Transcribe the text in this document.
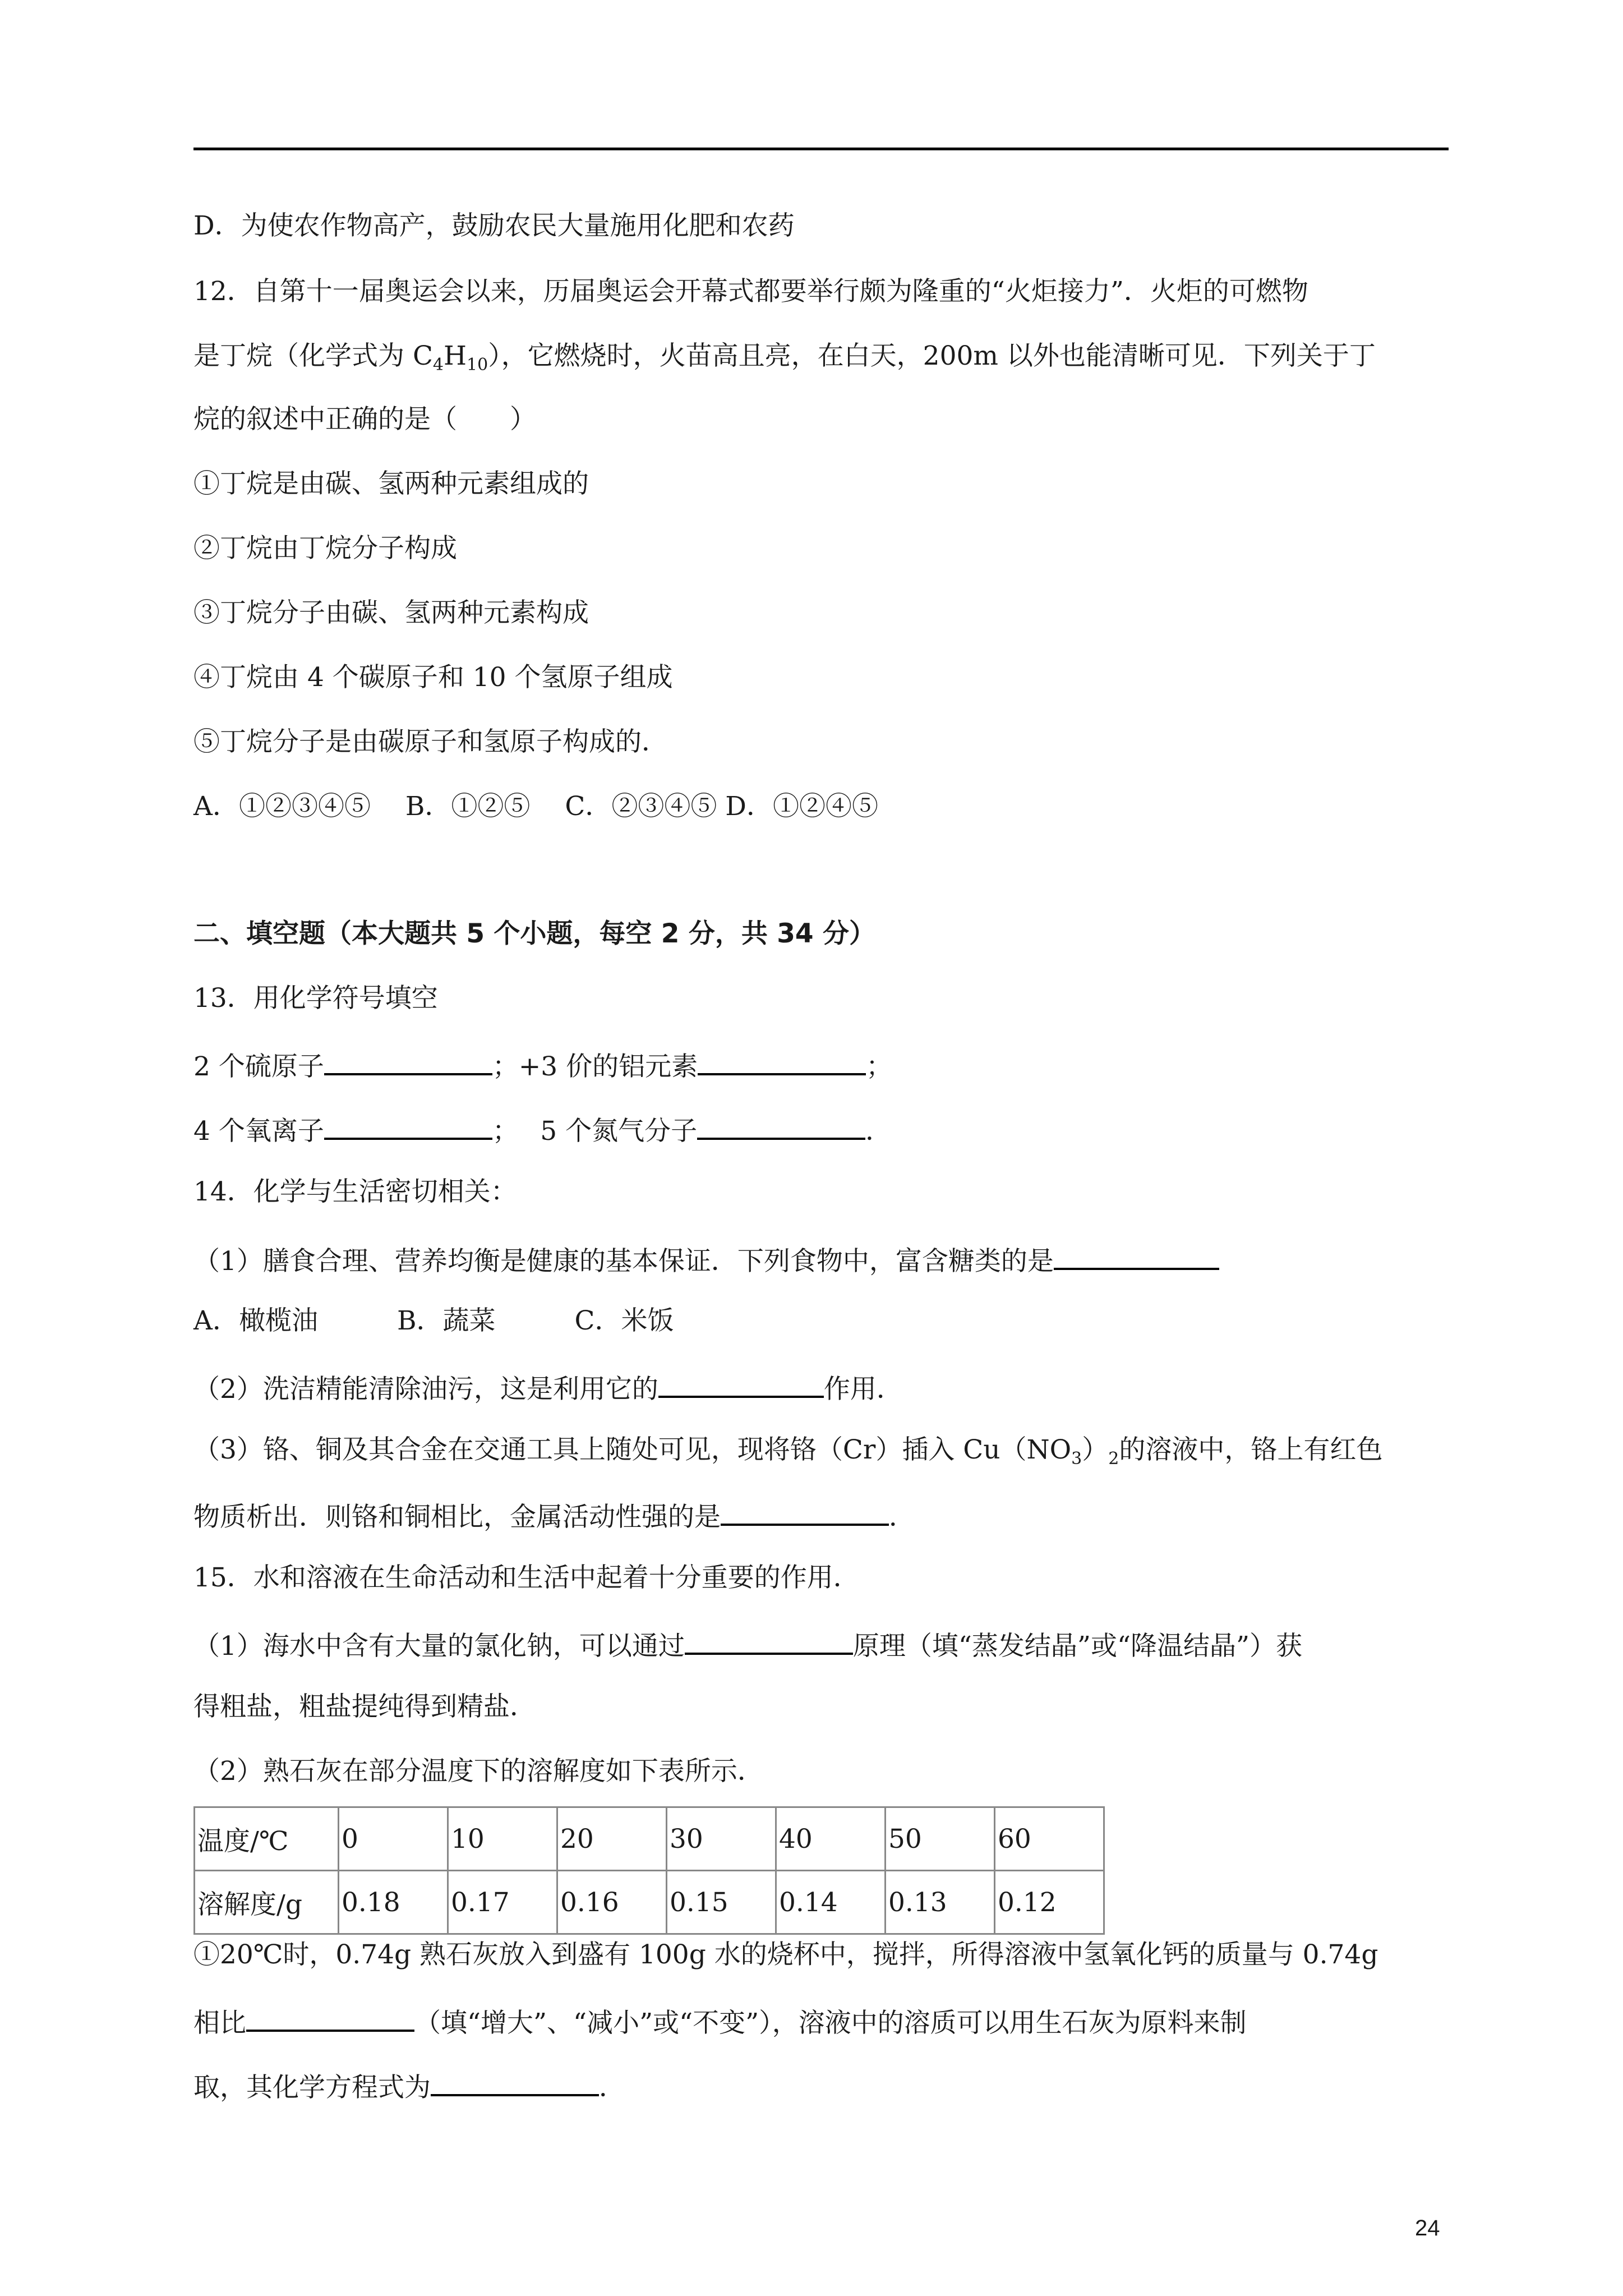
D．为使农作物高产，鼓励农民大量施用化肥和农药
12．自第十一届奥运会以来，历届奥运会开幕式都要举行颇为隆重的“火炬接力”．火炬的可燃物
是丁烷（化学式为 $C_4H_{10}$），它燃烧时，火苗高且亮，在白天，200m 以外也能清晰可见．下列关于丁
烷的叙述中正确的是（　　）
①丁烷是由碳、氢两种元素组成的
②丁烷由丁烷分子构成
③丁烷分子由碳、氢两种元素构成
④丁烷由 4 个碳原子和 10 个氢原子组成
⑤丁烷分子是由碳原子和氢原子构成的．
A．①②③④⑤　 B．①②⑤　 C．②③④⑤ D．①②④⑤
二、填空题（本大题共 5 个小题，每空 2 分，共 34 分）
13．用化学符号填空
2 个硫原子	；+3 价的铝元素	；
4 个氧离子	；　 5 个氮气分子	．
14．化学与生活密切相关：
（1）膳食合理、营养均衡是健康的基本保证．下列食物中，富含糖类的是
A．橄榄油　　　B．蔬菜　　　C．米饭
（2）洗洁精能清除油污，这是利用它的	作用．
（3）铬、铜及其合金在交通工具上随处可见，现将铬（Cr）插入 $Cu(NO_3)_2$的溶液中，铬上有红色
物质析出．则铬和铜相比，金属活动性强的是	．
15．水和溶液在生命活动和生活中起着十分重要的作用．
（1）海水中含有大量的氯化钠，可以通过	原理（填“蒸发结晶”或“降温结晶”）获
得粗盐，粗盐提纯得到精盐．
（2）熟石灰在部分温度下的溶解度如下表所示．
温度/℃	0	10	20	30	40	50	60
溶解度/g	0.18	0.17	0.16	0.15	0.14	0.13	0.12
①20℃时，0.74g 熟石灰放入到盛有 100g 水的烧杯中，搅拌，所得溶液中氢氧化钙的质量与 0.74g
相比	（填“增大”、“减小”或“不变”），溶液中的溶质可以用生石灰为原料来制
取，其化学方程式为	．
24
